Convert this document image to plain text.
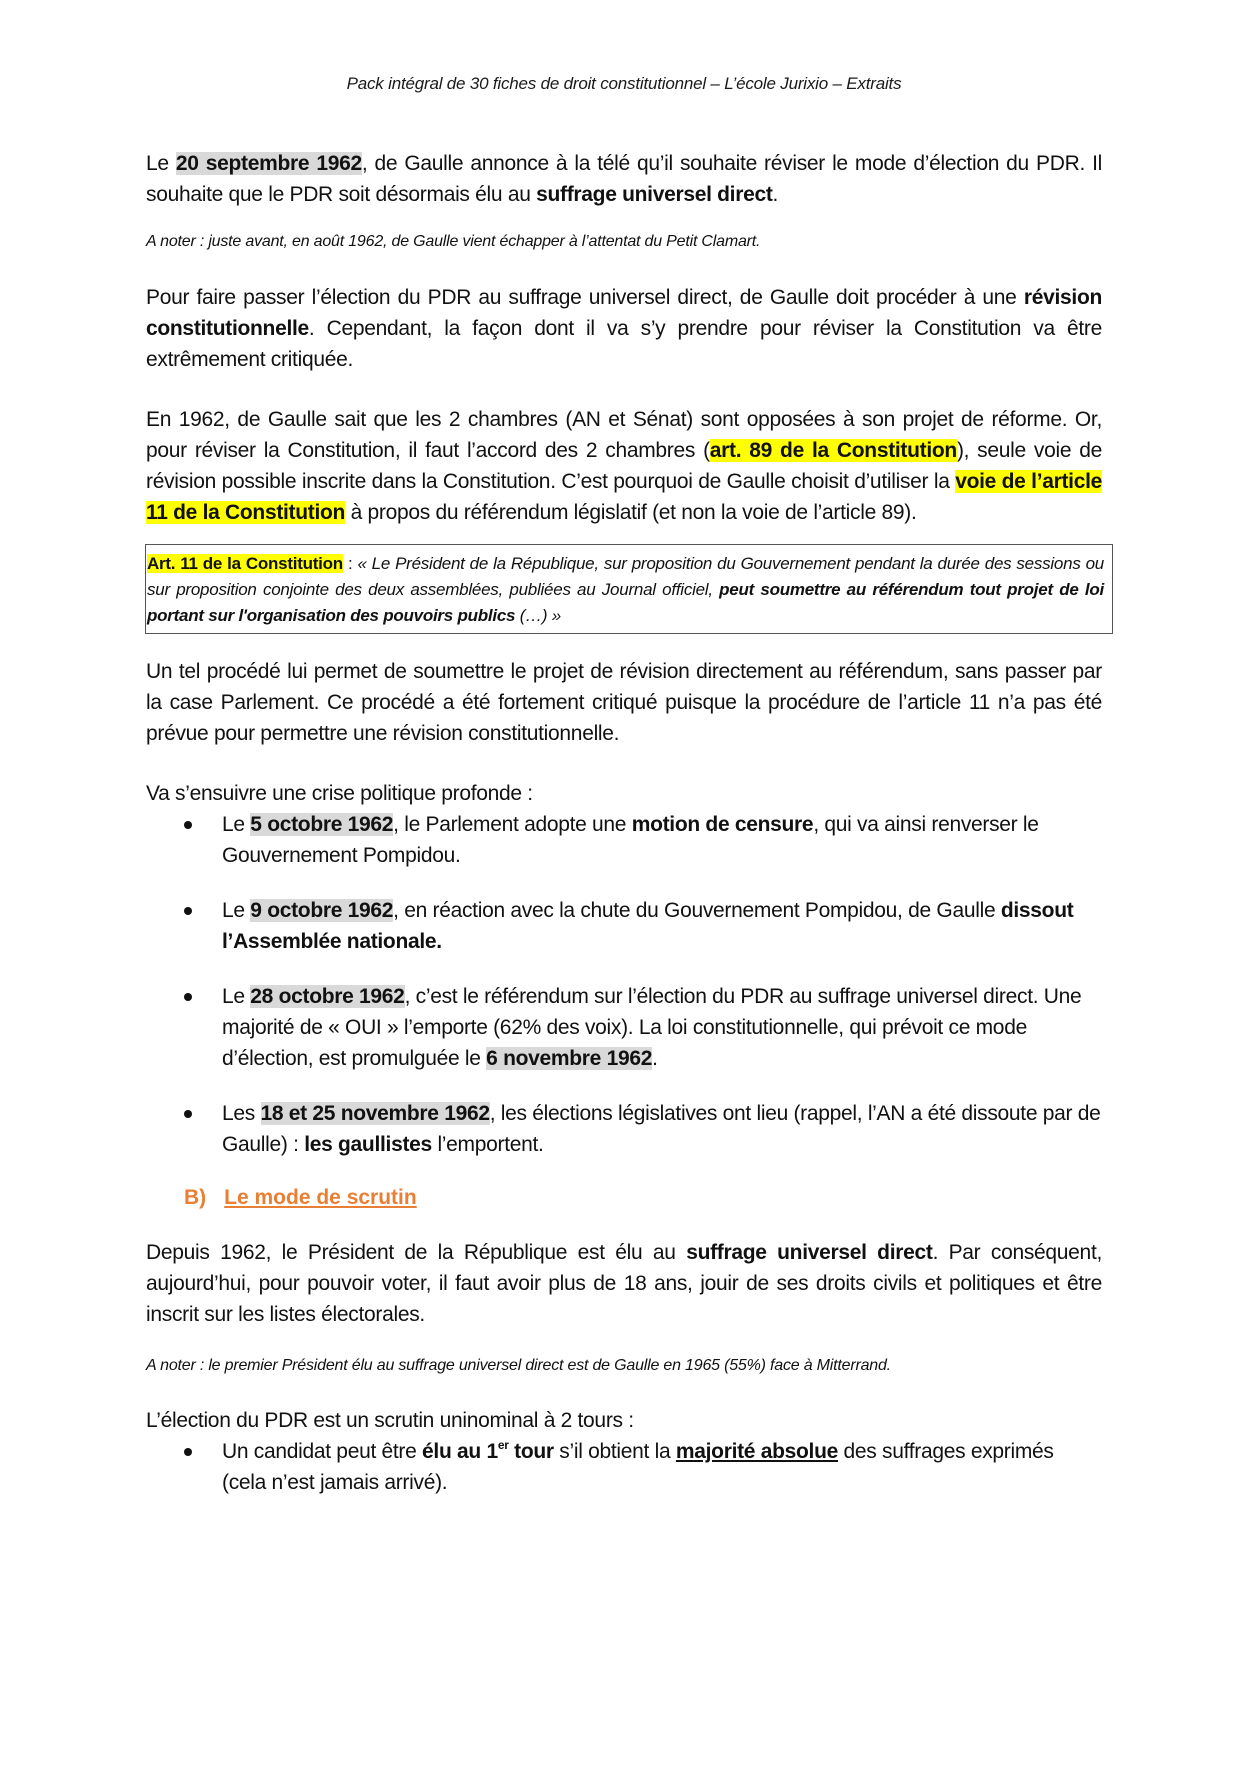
Pack intégral de 30 fiches de droit constitutionnel – L’école Jurixio – Extraits

Le 20 septembre 1962, de Gaulle annonce à la télé qu’il souhaite réviser le mode d’élection du PDR. Il souhaite que le PDR soit désormais élu au suffrage universel direct.

A noter : juste avant, en août 1962, de Gaulle vient échapper à l’attentat du Petit Clamart.

Pour faire passer l’élection du PDR au suffrage universel direct, de Gaulle doit procéder à une révision constitutionnelle. Cependant, la façon dont il va s’y prendre pour réviser la Constitution va être extrêmement critiquée.

En 1962, de Gaulle sait que les 2 chambres (AN et Sénat) sont opposées à son projet de réforme. Or, pour réviser la Constitution, il faut l’accord des 2 chambres (art. 89 de la Constitution), seule voie de révision possible inscrite dans la Constitution. C’est pourquoi de Gaulle choisit d’utiliser la voie de l’article 11 de la Constitution à propos du référendum législatif (et non la voie de l’article 89).

Art. 11 de la Constitution : « Le Président de la République, sur proposition du Gouvernement pendant la durée des sessions ou sur proposition conjointe des deux assemblées, publiées au Journal officiel, peut soumettre au référendum tout projet de loi portant sur l'organisation des pouvoirs publics (…) »

Un tel procédé lui permet de soumettre le projet de révision directement au référendum, sans passer par la case Parlement. Ce procédé a été fortement critiqué puisque la procédure de l’article 11 n’a pas été prévue pour permettre une révision constitutionnelle.

Va s’ensuivre une crise politique profonde :

Le 5 octobre 1962, le Parlement adopte une motion de censure, qui va ainsi renverser le Gouvernement Pompidou.
Le 9 octobre 1962, en réaction avec la chute du Gouvernement Pompidou, de Gaulle dissout l’Assemblée nationale.
Le 28 octobre 1962, c’est le référendum sur l’élection du PDR au suffrage universel direct. Une majorité de « OUI » l’emporte (62% des voix). La loi constitutionnelle, qui prévoit ce mode d’élection, est promulguée le 6 novembre 1962.
Les 18 et 25 novembre 1962, les élections législatives ont lieu (rappel, l’AN a été dissoute par de Gaulle) : les gaullistes l’emportent.
B) Le mode de scrutin

Depuis 1962, le Président de la République est élu au suffrage universel direct. Par conséquent, aujourd’hui, pour pouvoir voter, il faut avoir plus de 18 ans, jouir de ses droits civils et politiques et être inscrit sur les listes électorales.

A noter : le premier Président élu au suffrage universel direct est de Gaulle en 1965 (55%) face à Mitterrand.

L’élection du PDR est un scrutin uninominal à 2 tours :

Un candidat peut être élu au 1er tour s’il obtient la majorité absolue des suffrages exprimés (cela n’est jamais arrivé).
